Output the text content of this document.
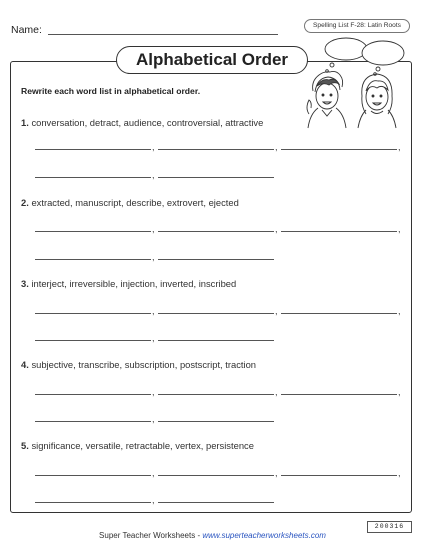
Name:	Spelling List F-28: Latin Roots
Alphabetical Order
Rewrite each word list in alphabetical order.
1. conversation, detract, audience, controversial, attractive
,	,	,
,
2. extracted, manuscript, describe, extrovert, ejected
,	,	,
,
3. interject, irreversible, injection, inverted, inscribed
,	,	,
,
4. subjective, transcribe, subscription, postscript, traction
,	,	,
,
5. significance, versatile, retractable, vertex, persistence
,	,	,
,
200316
Super Teacher Worksheets - www.superteacherworksheets.com
